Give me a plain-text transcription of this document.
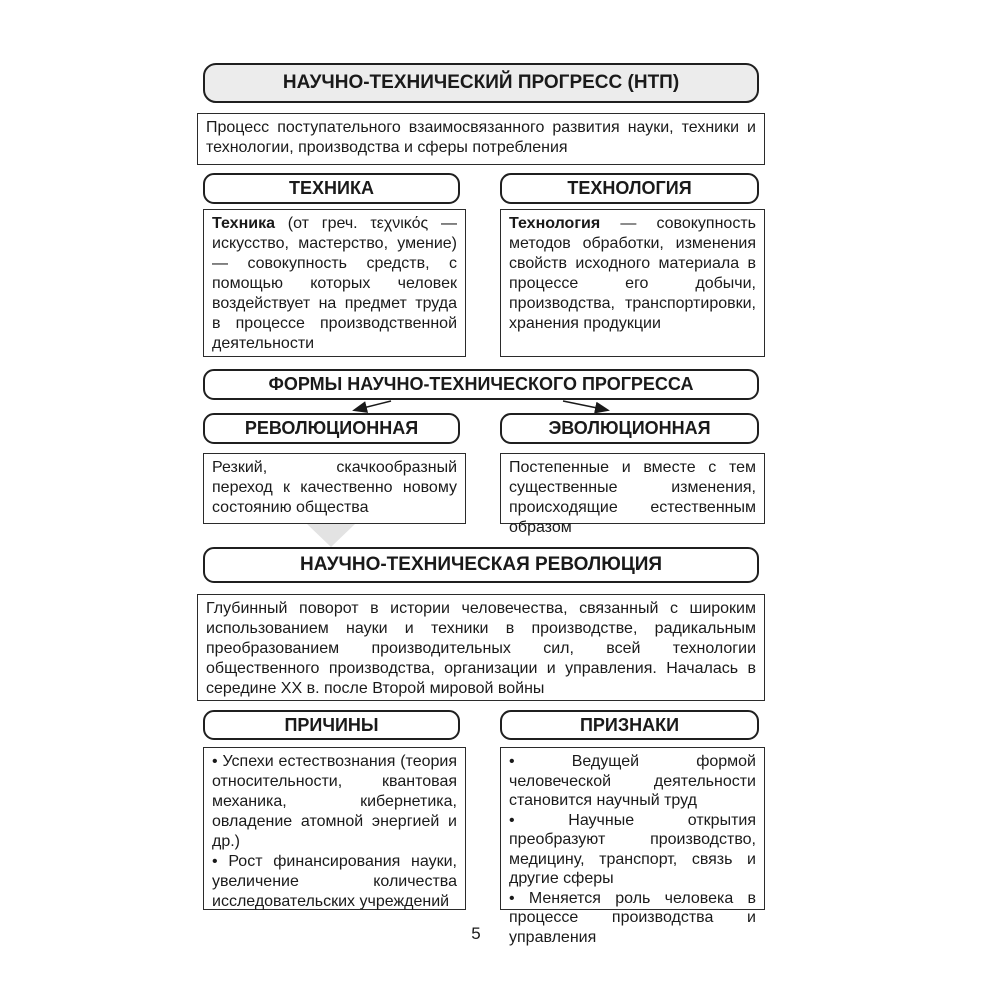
НАУЧНО-ТЕХНИЧЕСКИЙ ПРОГРЕСС (НТП)
Процесс поступательного взаимосвязанного развития науки, техники и технологии, производства и сферы потребления
ТЕХНИКА	ТЕХНОЛОГИЯ
Техника (от греч. τεχνικός — искусство, мастерство, умение) — совокупность средств, с помощью которых человек воздействует на предмет труда в процессе производственной деятельности
Технология — совокупность методов обработки, изменения свойств исходного материала в процессе его добычи, производства, транспортировки, хранения продукции
ФОРМЫ НАУЧНО-ТЕХНИЧЕСКОГО ПРОГРЕССА
РЕВОЛЮЦИОННАЯ	ЭВОЛЮЦИОННАЯ
Резкий, скачкообразный переход к качественно новому состоянию общества
Постепенные и вместе с тем существенные изменения, происходящие естественным образом
НАУЧНО-ТЕХНИЧЕСКАЯ РЕВОЛЮЦИЯ
Глубинный поворот в истории человечества, связанный с широким использованием науки и техники в производстве, радикальным преобразованием производительных сил, всей технологии общественного производства, организации и управления. Началась в середине XX в. после Второй мировой войны
ПРИЧИНЫ	ПРИЗНАКИ

• Успехи естествознания (теория относительности, квантовая механика, кибернетика, овладение атомной энергией и др.)

• Рост финансирования науки, увеличение количества исследовательских учреждений

• Ведущей формой человеческой деятельности становится научный труд

• Научные открытия преобразуют производство, медицину, транспорт, связь и другие сферы

• Меняется роль человека в процессе производства и управления

5
